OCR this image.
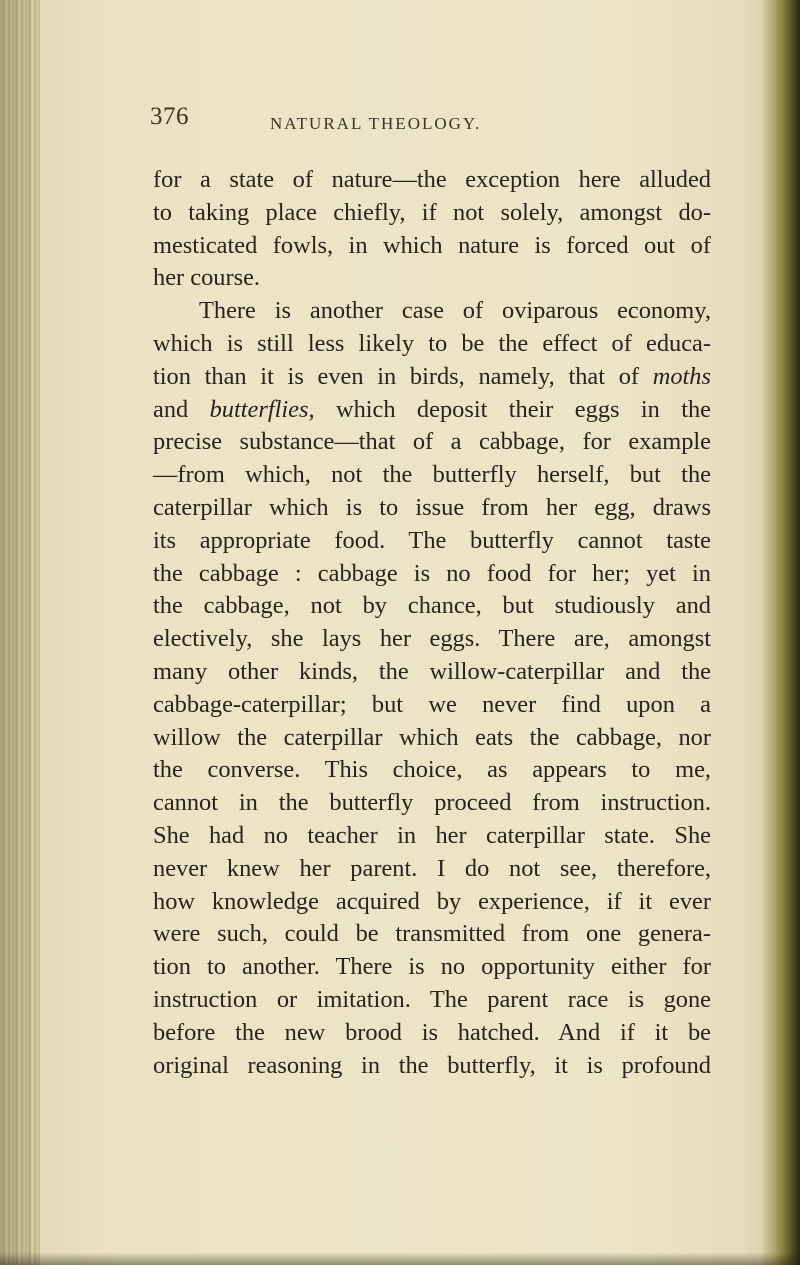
376	NATURAL THEOLOGY.
for a state of nature—the exception here alluded
to taking place chiefly, if not solely, amongst do-
mesticated fowls, in which nature is forced out of
her course.
There is another case of oviparous economy,
which is still less likely to be the effect of educa-
tion than it is even in birds, namely, that of moths
and butterflies, which deposit their eggs in the
precise substance—that of a cabbage, for example
—from which, not the butterfly herself, but the
caterpillar which is to issue from her egg, draws
its appropriate food. The butterfly cannot taste
the cabbage : cabbage is no food for her; yet in
the cabbage, not by chance, but studiously and
electively, she lays her eggs. There are, amongst
many other kinds, the willow-caterpillar and the
cabbage-caterpillar; but we never find upon a
willow the caterpillar which eats the cabbage, nor
the converse. This choice, as appears to me,
cannot in the butterfly proceed from instruction.
She had no teacher in her caterpillar state. She
never knew her parent. I do not see, therefore,
how knowledge acquired by experience, if it ever
were such, could be transmitted from one genera-
tion to another. There is no opportunity either for
instruction or imitation. The parent race is gone
before the new brood is hatched. And if it be
original reasoning in the butterfly, it is profound
